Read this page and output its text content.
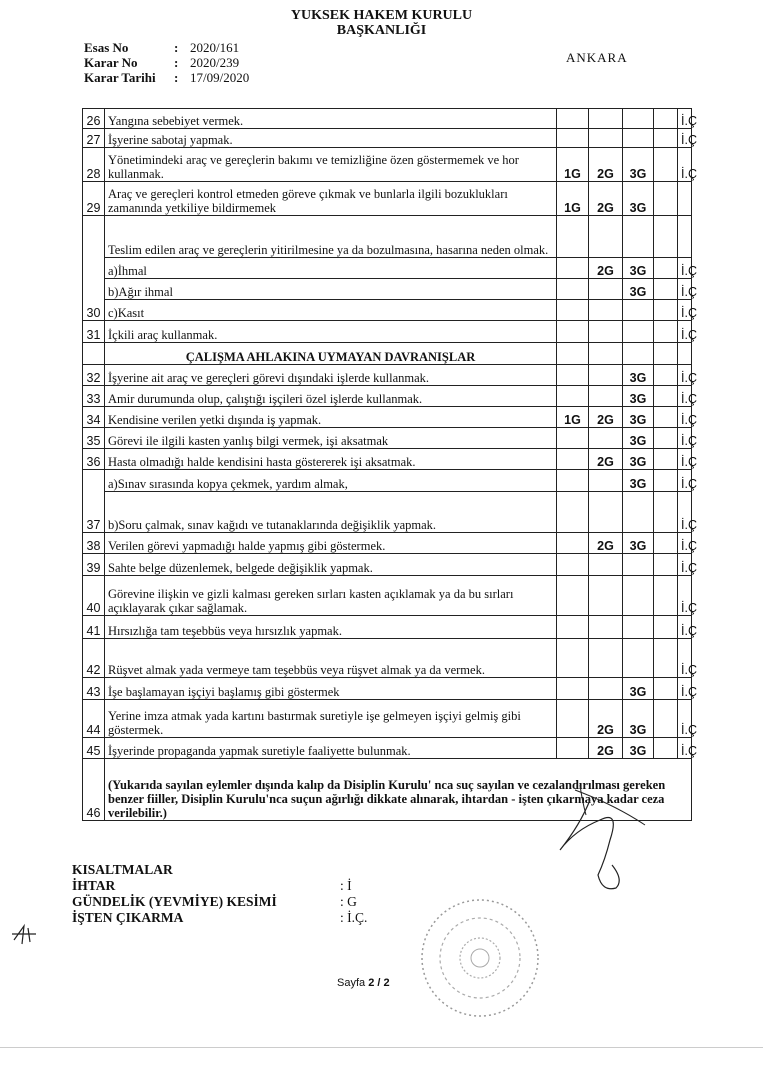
YUKSEK HAKEM KURULU
BAŞKANLIĞI
Esas No	: 2020/161
Karar No	: 2020/239
Karar Tarihi	: 17/09/2020
ANKARA
26	Yangına sebebiyet vermek.					İ.Ç
27	İşyerine sabotaj yapmak.					İ.Ç
28	Yönetimindeki araç ve gereçlerin bakımı ve temizliğine özen göstermemek ve hor kullanmak.	1G	2G	3G		İ.Ç
29	Araç ve gereçleri kontrol etmeden göreve çıkmak ve bunlarla ilgili bozuklukları zamanında yetkiliye bildirmemek	1G	2G	3G		
30	Teslim edilen araç ve gereçlerin yitirilmesine ya da bozulmasına, hasarına neden olmak.					
	a)İhmal		2G	3G		İ.Ç
	b)Ağır ihmal			3G		İ.Ç
	c)Kasıt					İ.Ç
31	İçkili araç kullanmak.					İ.Ç
	ÇALIŞMA AHLAKINA UYMAYAN DAVRANIŞLAR					
32	İşyerine ait araç ve gereçleri görevi dışındaki işlerde kullanmak.			3G		İ.Ç
33	Amir durumunda olup, çalıştığı işçileri özel işlerde kullanmak.			3G		İ.Ç
34	Kendisine verilen yetki dışında iş yapmak.	1G	2G	3G		İ.Ç
35	Görevi ile ilgili kasten yanlış bilgi vermek, işi aksatmak			3G		İ.Ç
36	Hasta olmadığı halde kendisini hasta göstererek işi aksatmak.		2G	3G		İ.Ç
37	a)Sınav sırasında kopya çekmek, yardım almak,			3G		İ.Ç
	b)Soru çalmak, sınav kağıdı ve tutanaklarında değişiklik yapmak.					İ.Ç
38	Verilen görevi yapmadığı halde yapmış gibi göstermek.		2G	3G		İ.Ç
39	Sahte belge düzenlemek, belgede değişiklik yapmak.					İ.Ç
40	Görevine ilişkin ve gizli kalması gereken sırları kasten açıklamak ya da bu sırları açıklayarak çıkar sağlamak.					İ.Ç
41	Hırsızlığa tam teşebbüs veya hırsızlık yapmak.					İ.Ç
42	Rüşvet almak yada vermeye tam teşebbüs veya rüşvet almak ya da vermek.					İ.Ç
43	İşe başlamayan işçiyi başlamış gibi göstermek			3G		İ.Ç
44	Yerine imza atmak yada kartını bastırmak suretiyle işe gelmeyen işçiyi gelmiş gibi göstermek.		2G	3G		İ.Ç
45	İşyerinde propaganda yapmak suretiyle faaliyette bulunmak.		2G	3G		İ.Ç
46	(Yukarıda sayılan eylemler dışında kalıp da Disiplin Kurulu' nca suç sayılan ve cezalandırılması gereken benzer fiiller, Disiplin Kurulu'nca suçun ağırlığı dikkate alınarak, ihtardan - işten çıkarmaya kadar ceza verilebilir.)					
KISALTMALAR
İHTAR	: İ
GÜNDELİK (YEVMİYE) KESİMİ	: G
İŞTEN ÇIKARMA	: İ.Ç.
Sayfa 2 / 2
